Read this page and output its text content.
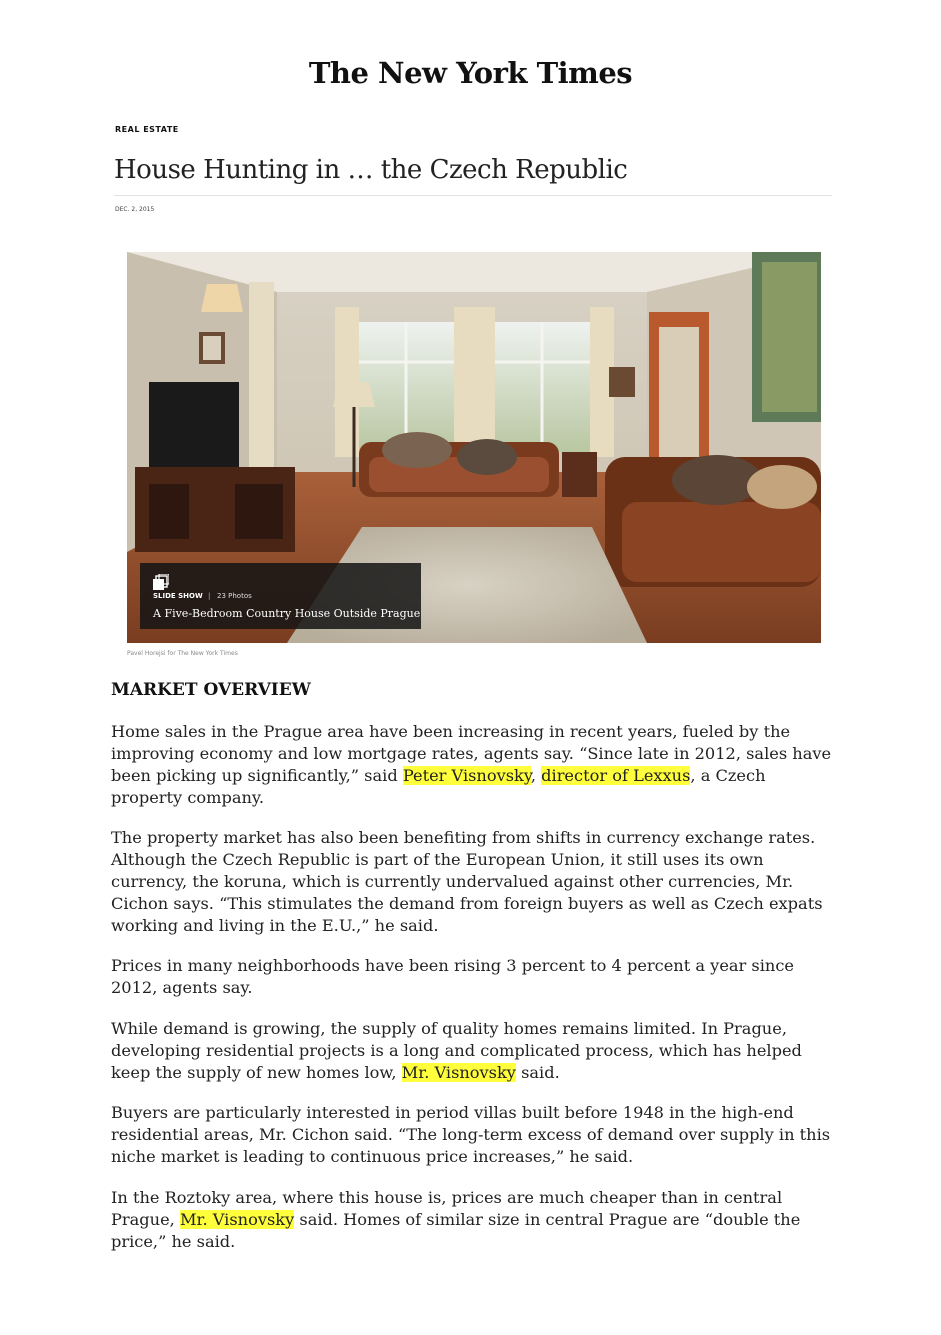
The New York Times
REAL ESTATE
House Hunting in … the Czech Republic
DEC. 2, 2015
SLIDE SHOW | 23 Photos
A Five-Bedroom Country House Outside Prague
Pavel Horejsi for The New York Times
MARKET OVERVIEW

Home sales in the Prague area have been increasing in recent years, fueled by the improving economy and low mortgage rates, agents say. “Since late in 2012, sales have been picking up significantly,” said Peter Visnovsky, director of Lexxus, a Czech property company.

The property market has also been benefiting from shifts in currency exchange rates. Although the Czech Republic is part of the European Union, it still uses its own currency, the koruna, which is currently undervalued against other currencies, Mr. Cichon says. “This stimulates the demand from foreign buyers as well as Czech expats working and living in the E.U.,” he said.

Prices in many neighborhoods have been rising 3 percent to 4 percent a year since 2012, agents say.

While demand is growing, the supply of quality homes remains limited. In Prague, developing residential projects is a long and complicated process, which has helped keep the supply of new homes low, Mr. Visnovsky said.

Buyers are particularly interested in period villas built before 1948 in the high-end residential areas, Mr. Cichon said. “The long-term excess of demand over supply in this niche market is leading to continuous price increases,” he said.

In the Roztoky area, where this house is, prices are much cheaper than in central Prague, Mr. Visnovsky said. Homes of similar size in central Prague are “double the price,” he said.
